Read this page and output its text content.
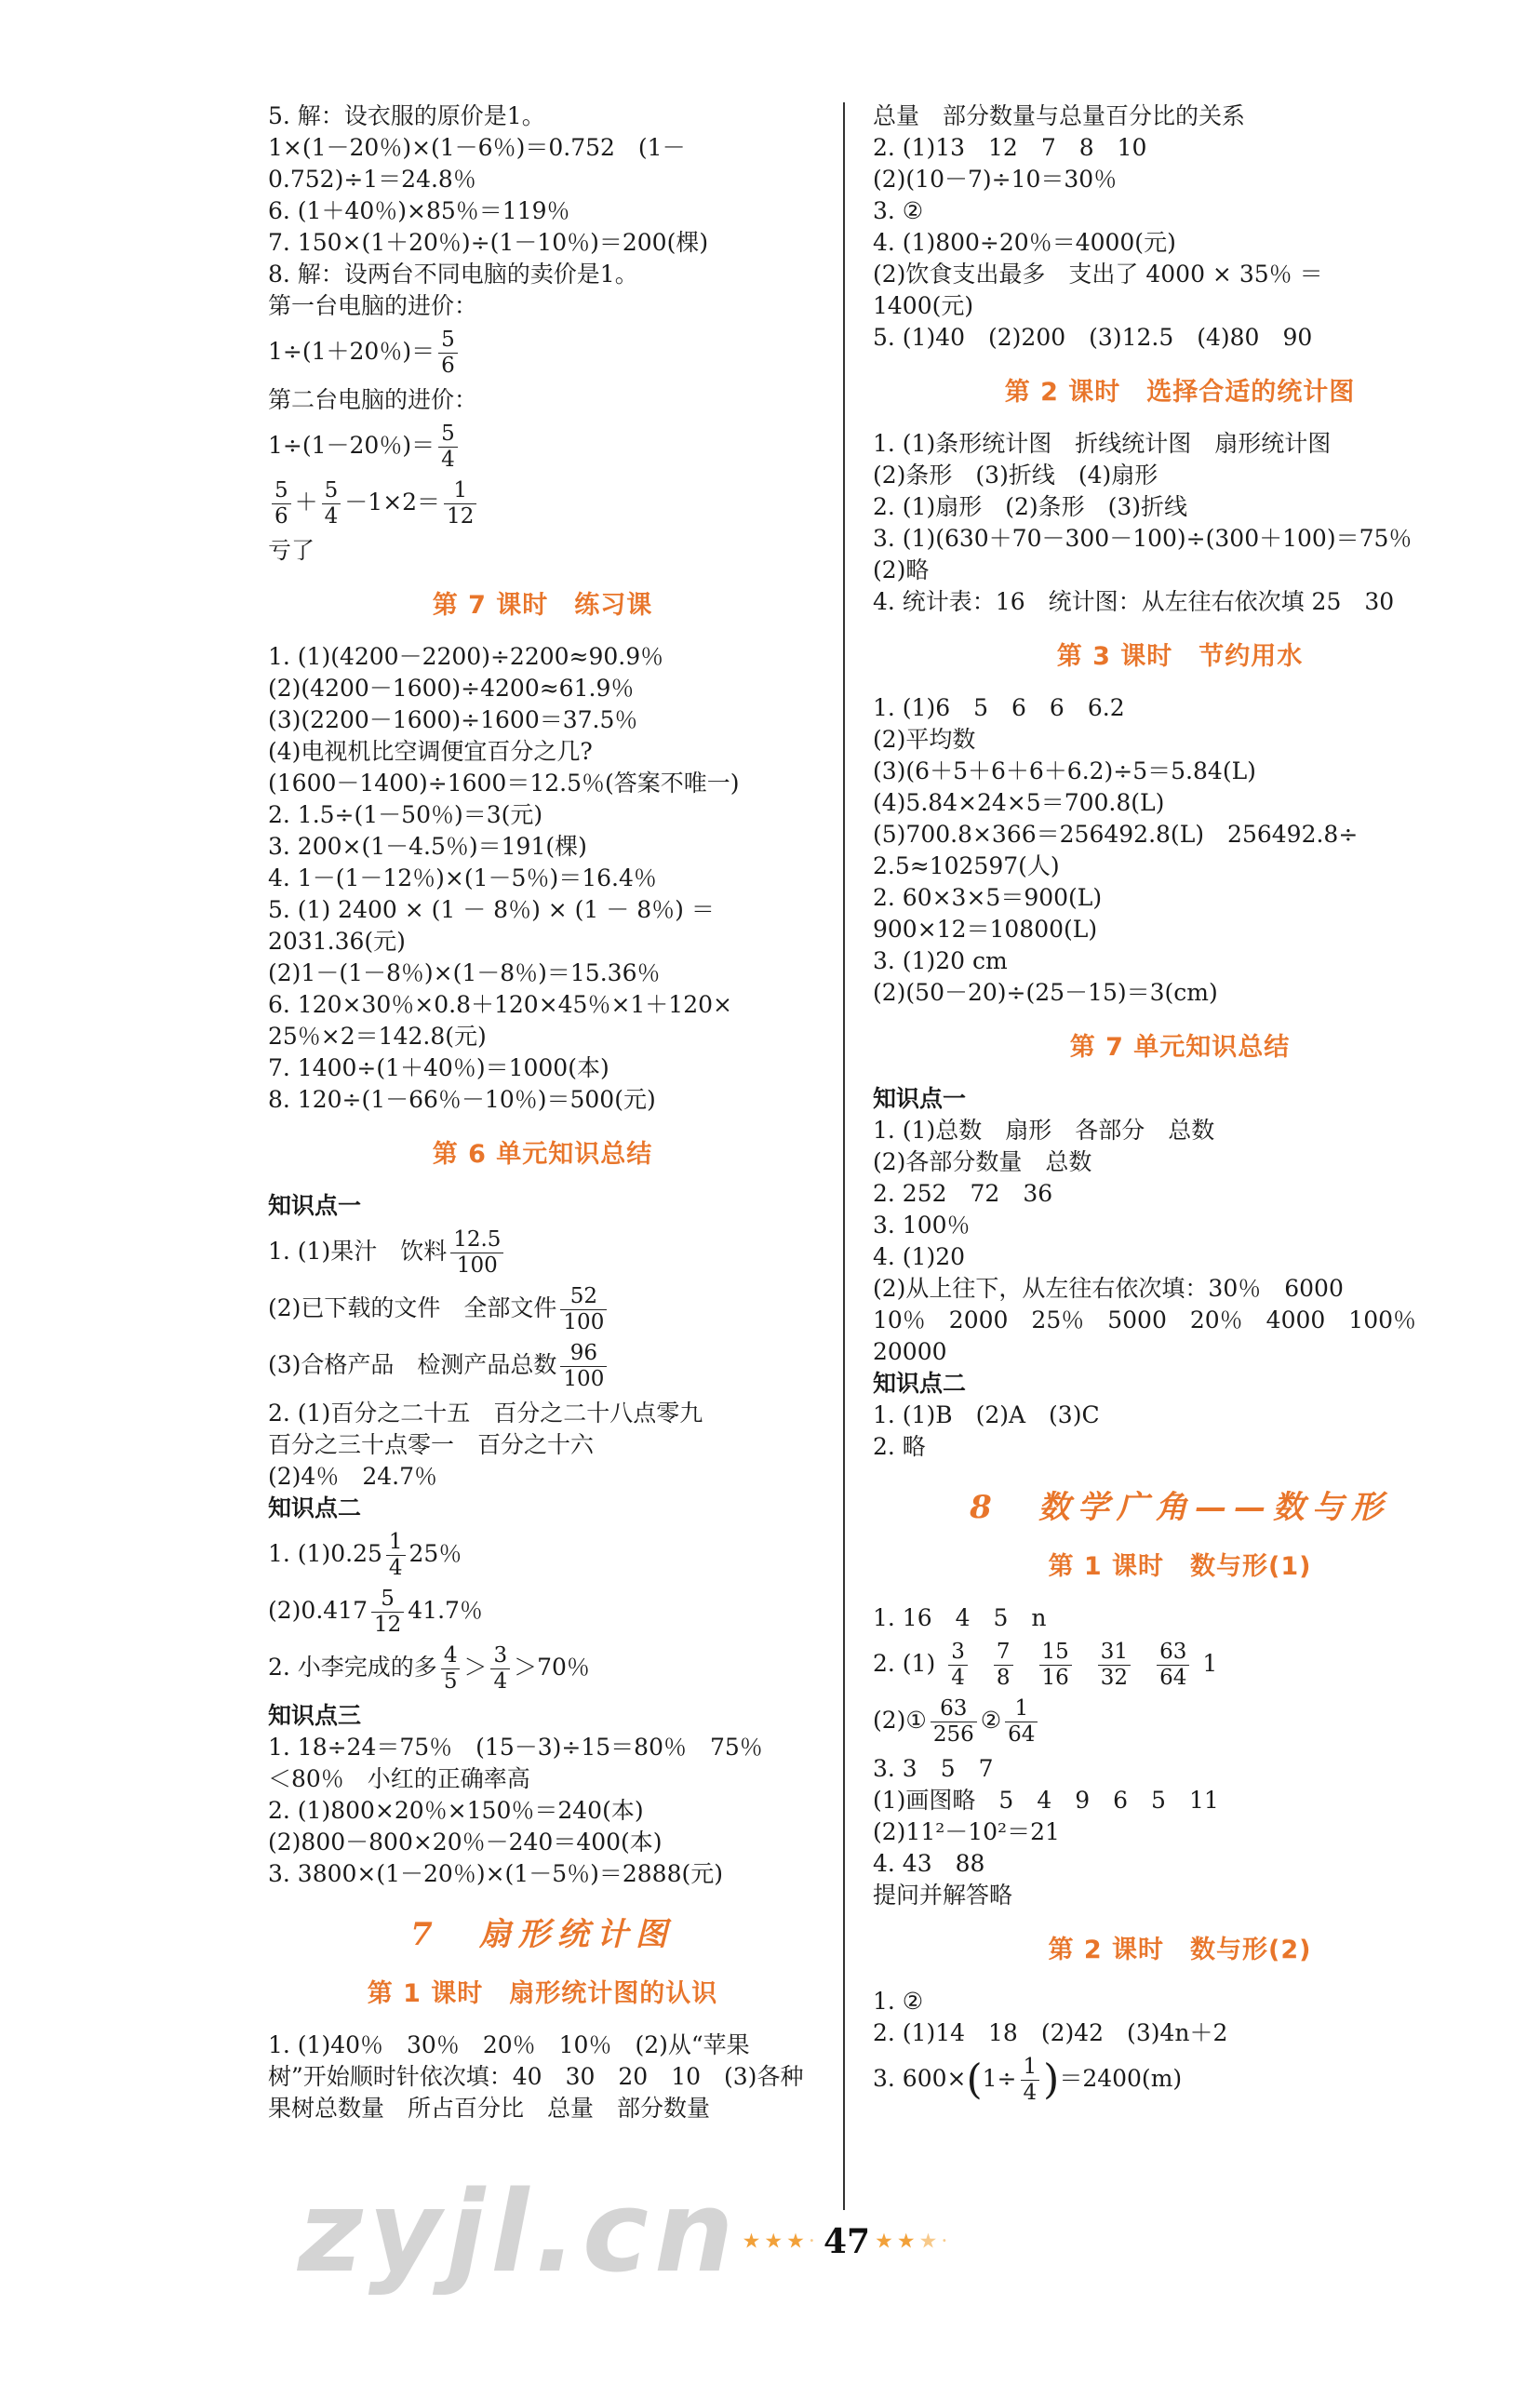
5. 解：设衣服的原价是1。
1×(1－20％)×(1－6％)＝0.752　(1－
0.752)÷1＝24.8％
6. (1＋40％)×85％＝119％
7. 150×(1＋20％)÷(1－10％)＝200(棵)
8. 解：设两台不同电脑的卖价是1。
第一台电脑的进价：
1÷(1＋20％)＝ $\frac{5}{6}$
第二台电脑的进价：
1÷(1－20％)＝ $\frac{5}{4}$
$\frac{5}{6} + \frac{5}{4} -1\times 2= \frac{1}{12}$
亏了
第 7 课时　练习课
1. (1)(4200－2200)÷2200≈90.9％
(2)(4200－1600)÷4200≈61.9％
(3)(2200－1600)÷1600＝37.5％
(4)电视机比空调便宜百分之几?
(1600－1400)÷1600＝12.5％(答案不唯一)
2. 1.5÷(1－50％)＝3(元)
3. 200×(1－4.5％)＝191(棵)
4. 1－(1－12％)×(1－5％)＝16.4％
5. (1) 2400 × (1 － 8％) × (1 － 8％) ＝
2031.36(元)
(2)1－(1－8％)×(1－8％)＝15.36％
6. 120×30％×0.8＋120×45％×1＋120×
25％×2＝142.8(元)
7. 1400÷(1＋40％)＝1000(本)
8. 120÷(1－66％－10％)＝500(元)
第 6 单元知识总结
知识点一
1. (1)果汁　饮料 $\frac{12.5}{100}$
(2)已下载的文件　全部文件 $\frac{52}{100}$
(3)合格产品　检测产品总数 $\frac{96}{100}$
2. (1)百分之二十五　百分之二十八点零九
百分之三十点零一　百分之十六
(2)4％　24.7％
知识点二
1. $(1)0.25 \frac{1}{4} 25$％
$(2)0.417 \frac{5}{12} 41.7$％
2. 小李完成的多 $\frac{4}{5} > \frac{3}{4} >70$％
知识点三
1. 18÷24＝75％　(15－3)÷15＝80％　75％
＜80％　小红的正确率高
2. (1)800×20％×150％＝240(本)
(2)800－800×20％－240＝400(本)
3. 3800×(1－20％)×(1－5％)＝2888(元)
7　扇形统计图
第 1 课时　扇形统计图的认识
1. (1)40％　30％　20％　10％　(2)从“苹果
树”开始顺时针依次填：40　30　20　10　(3)各种
果树总数量　所占百分比　总量　部分数量
总量　部分数量与总量百分比的关系
2. (1)13　12　7　8　10
(2)(10－7)÷10＝30％
3. ②
4. (1)800÷20％＝4000(元)
(2)饮食支出最多　支出了 4000 × 35％ ＝
1400(元)
5. (1)40　(2)200　(3)12.5　(4)80　90
第 2 课时　选择合适的统计图
1. (1)条形统计图　折线统计图　扇形统计图
(2)条形　(3)折线　(4)扇形
2. (1)扇形　(2)条形　(3)折线
3. (1)(630＋70－300－100)÷(300＋100)＝75％
(2)略
4. 统计表：16　统计图：从左往右依次填 25　30
第 3 课时　节约用水
1. (1)6　5　6　6　6.2
(2)平均数
(3)(6＋5＋6＋6＋6.2)÷5＝5.84(L)
(4)5.84×24×5＝700.8(L)
(5)700.8×366＝256492.8(L)　256492.8÷
2.5≈102597(人)
2. 60×3×5＝900(L)
900×12＝10800(L)
3. (1)20 cm
(2)(50－20)÷(25－15)＝3(cm)
第 7 单元知识总结
知识点一
1. (1)总数　扇形　各部分　总数
(2)各部分数量　总数
2. 252　72　36
3. 100％
4. (1)20
(2)从上往下，从左往右依次填：30％　6000
10％　2000　25％　5000　20％　4000　100％
20000
知识点二
1. (1)B　(2)A　(3)C
2. 略
8　数学广角——数与形
第 1 课时　数与形(1)
1. 16　4　5　n
2. $(1) \frac{3}{4} \frac{7}{8} \frac{15}{16} \frac{31}{32} \frac{63}{64} 1$
(2)① $\frac{63}{256}$ ② $\frac{1}{64}$
3. 3　5　7
(1)画图略　5　4　9　6　5　11
(2)11²－10²＝21
4. 43　88
提问并解答略
第 2 课时　数与形(2)
1. ②
2. (1)14　18　(2)42　(3)4n＋2
3. $600\times(1\div \frac{1}{4} )=2400(m)$
zyjl.cn ★★★· 47 ★★★·
